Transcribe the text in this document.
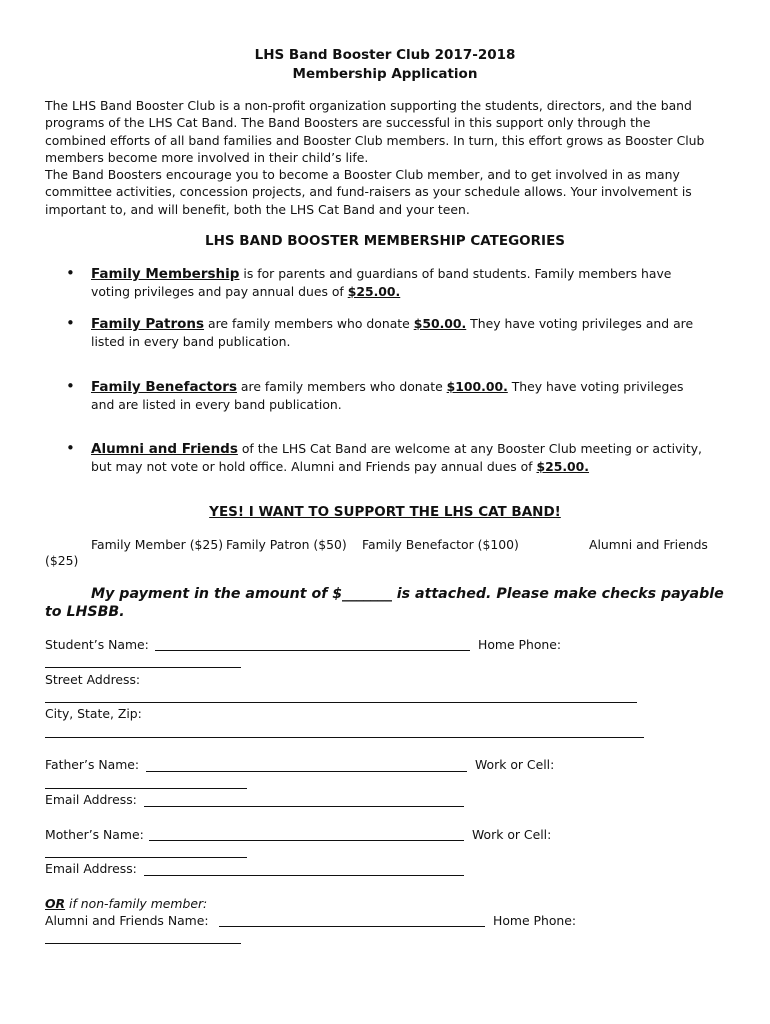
LHS Band Booster Club 2017-2018
Membership Application
The LHS Band Booster Club is a non-profit organization supporting the students, directors, and the band
programs of the LHS Cat Band. The Band Boosters are successful in this support only through the
combined efforts of all band families and Booster Club members. In turn, this effort grows as Booster Club
members become more involved in their child’s life.
The Band Boosters encourage you to become a Booster Club member, and to get involved in as many
committee activities, concession projects, and fund-raisers as your schedule allows. Your involvement is
important to, and will benefit, both the LHS Cat Band and your teen.
LHS BAND BOOSTER MEMBERSHIP CATEGORIES
• Family Membership is for parents and guardians of band students. Family members have
voting privileges and pay annual dues of $25.00.
• Family Patrons are family members who donate $50.00. They have voting privileges and are
listed in every band publication.
• Family Benefactors are family members who donate $100.00. They have voting privileges
and are listed in every band publication.
• Alumni and Friends of the LHS Cat Band are welcome at any Booster Club meeting or activity,
but may not vote or hold office. Alumni and Friends pay annual dues of $25.00.
YES! I WANT TO SUPPORT THE LHS CAT BAND!
Family Member ($25) Family Patron ($50) Family Benefactor ($100)	Alumni and Friends
($25)
My payment in the amount of $_______ is attached. Please make checks payable
to LHSBB.
Student’s Name:	Home Phone:
Street Address:
City, State, Zip:
Father’s Name:	Work or Cell:
Email Address:
Mother’s Name:	Work or Cell:
Email Address:
OR if non-family member:
Alumni and Friends Name:	Home Phone:
